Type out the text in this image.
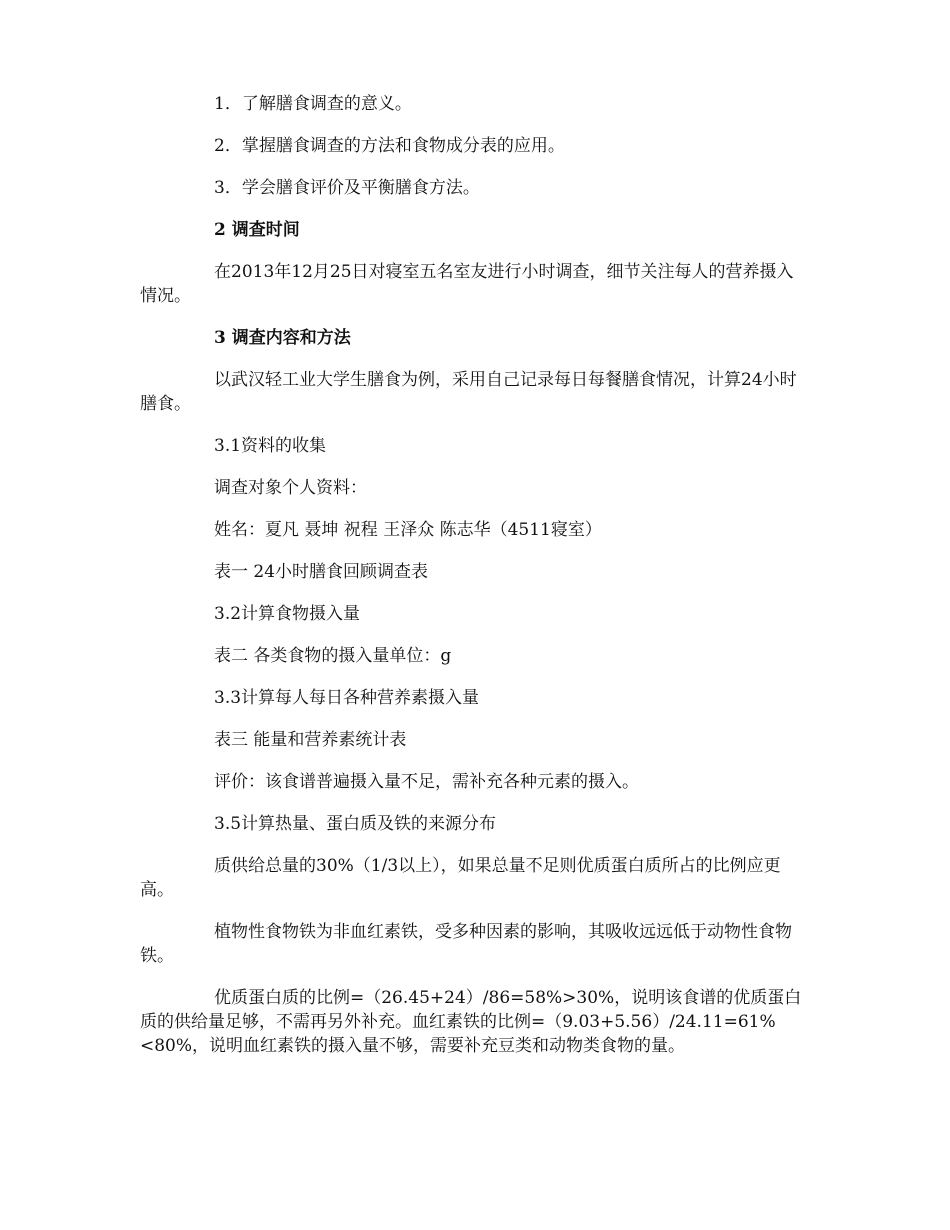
1．了解膳食调查的意义。

2．掌握膳食调查的方法和食物成分表的应用。

3．学会膳食评价及平衡膳食方法。

2 调查时间

在2013年12月25日对寝室五名室友进行小时调查，细节关注每人的营养摄入情况。

3 调查内容和方法

以武汉轻工业大学生膳食为例，采用自己记录每日每餐膳食情况，计算24小时膳食。

3.1资料的收集

调查对象个人资料：

姓名：夏凡 聂坤 祝程 王泽众 陈志华（4511寝室）

表一 24小时膳食回顾调查表

3.2计算食物摄入量

表二 各类食物的摄入量单位：g

3.3计算每人每日各种营养素摄入量

表三 能量和营养素统计表

评价：该食谱普遍摄入量不足，需补充各种元素的摄入。

3.5计算热量、蛋白质及铁的来源分布

质供给总量的30%（1/3以上），如果总量不足则优质蛋白质所占的比例应更高。

植物性食物铁为非血红素铁，受多种因素的影响，其吸收远远低于动物性食物铁。

优质蛋白质的比例=（26.45+24）/86=58%>30%，说明该食谱的优质蛋白质的供给量足够，不需再另外补充。血红素铁的比例=（9.03+5.56）/24.11=61%<80%，说明血红素铁的摄入量不够，需要补充豆类和动物类食物的量。
